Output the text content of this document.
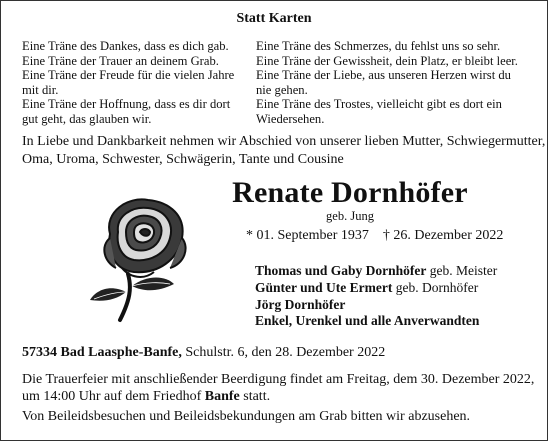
Statt Karten
Eine Träne des Dankes, dass es dich gab.
Eine Träne der Trauer an deinem Grab.
Eine Träne der Freude für die vielen Jahre
mit dir.
Eine Träne der Hoffnung, dass es dir dort
gut geht, das glauben wir.
Eine Träne des Schmerzes, du fehlst uns so sehr.
Eine Träne der Gewissheit, dein Platz, er bleibt leer.
Eine Träne der Liebe, aus unseren Herzen wirst du
nie gehen.
Eine Träne des Trostes, vielleicht gibt es dort ein
Wiedersehen.
In Liebe und Dankbarkeit nehmen wir Abschied von unserer lieben Mutter, Schwiegermutter,
Oma, Uroma, Schwester, Schwägerin, Tante und Cousine
Renate Dornhöfer
geb. Jung
* 01. September 1937 † 26. Dezember 2022
Thomas und Gaby Dornhöfer geb. Meister
Günter und Ute Ermert geb. Dornhöfer
Jörg Dornhöfer
Enkel, Urenkel und alle Anverwandten
57334 Bad Laasphe-Banfe, Schulstr. 6, den 28. Dezember 2022
Die Trauerfeier mit anschließender Beerdigung findet am Freitag, dem 30. Dezember 2022,
um 14:00 Uhr auf dem Friedhof Banfe statt.
Von Beileidsbesuchen und Beileidsbekundungen am Grab bitten wir abzusehen.
